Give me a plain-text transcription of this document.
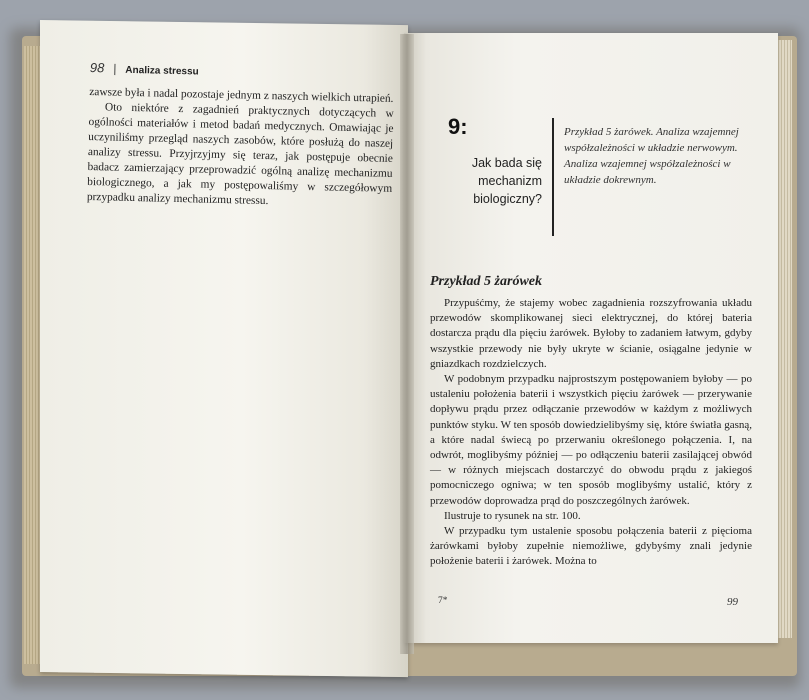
98 | Analiza stressu

zawsze była i nadal pozostaje jednym z naszych wielkich utrapień.

Oto niektóre z zagadnień praktycznych dotyczących w ogólności materiałów i metod badań medycznych. Omawiając je uczyniliśmy przegląd naszych zasobów, które posłużą do naszej analizy stressu. Przyjrzyjmy się teraz, jak postępuje obecnie badacz zamierzający przeprowadzić ogólną analizę mechanizmu biologicznego, a jak my postępowaliśmy w szczegółowym przypadku analizy mechanizmu stressu.

9:
Jak bada się
mechanizm
biologiczny?
Przykład 5 żarówek. Analiza wzajemnej współzależności w układzie nerwowym. Analiza wzajemnej współzależności w układzie dokrewnym.
Przykład 5 żarówek

Przypuśćmy, że stajemy wobec zagadnienia rozszyfrowania układu przewodów skomplikowanej sieci elektrycznej, do której bateria dostarcza prądu dla pięciu żarówek. Byłoby to zadaniem łatwym, gdyby wszystkie przewody nie były ukryte w ścianie, osiągalne jedynie w gniazdkach rozdzielczych.

W podobnym przypadku najprostszym postępowaniem byłoby — po ustaleniu położenia baterii i wszystkich pięciu żarówek — przerywanie dopływu prądu przez odłączanie przewodów w każdym z możliwych punktów styku. W ten sposób dowiedzielibyśmy się, które światła gasną, a które nadal świecą po przerwaniu określonego połączenia. I, na odwrót, moglibyśmy później — po odłączeniu baterii zasilającej obwód — w różnych miejscach dostarczyć do obwodu prądu z jakiegoś pomocniczego ogniwa; w ten sposób moglibyśmy ustalić, który z przewodów doprowadza prąd do poszczególnych żarówek.

Ilustruje to rysunek na str. 100.

W przypadku tym ustalenie sposobu połączenia baterii z pięcioma żarówkami byłoby zupełnie niemożliwe, gdybyśmy znali jedynie położenie baterii i żarówek. Można to

7*	99
